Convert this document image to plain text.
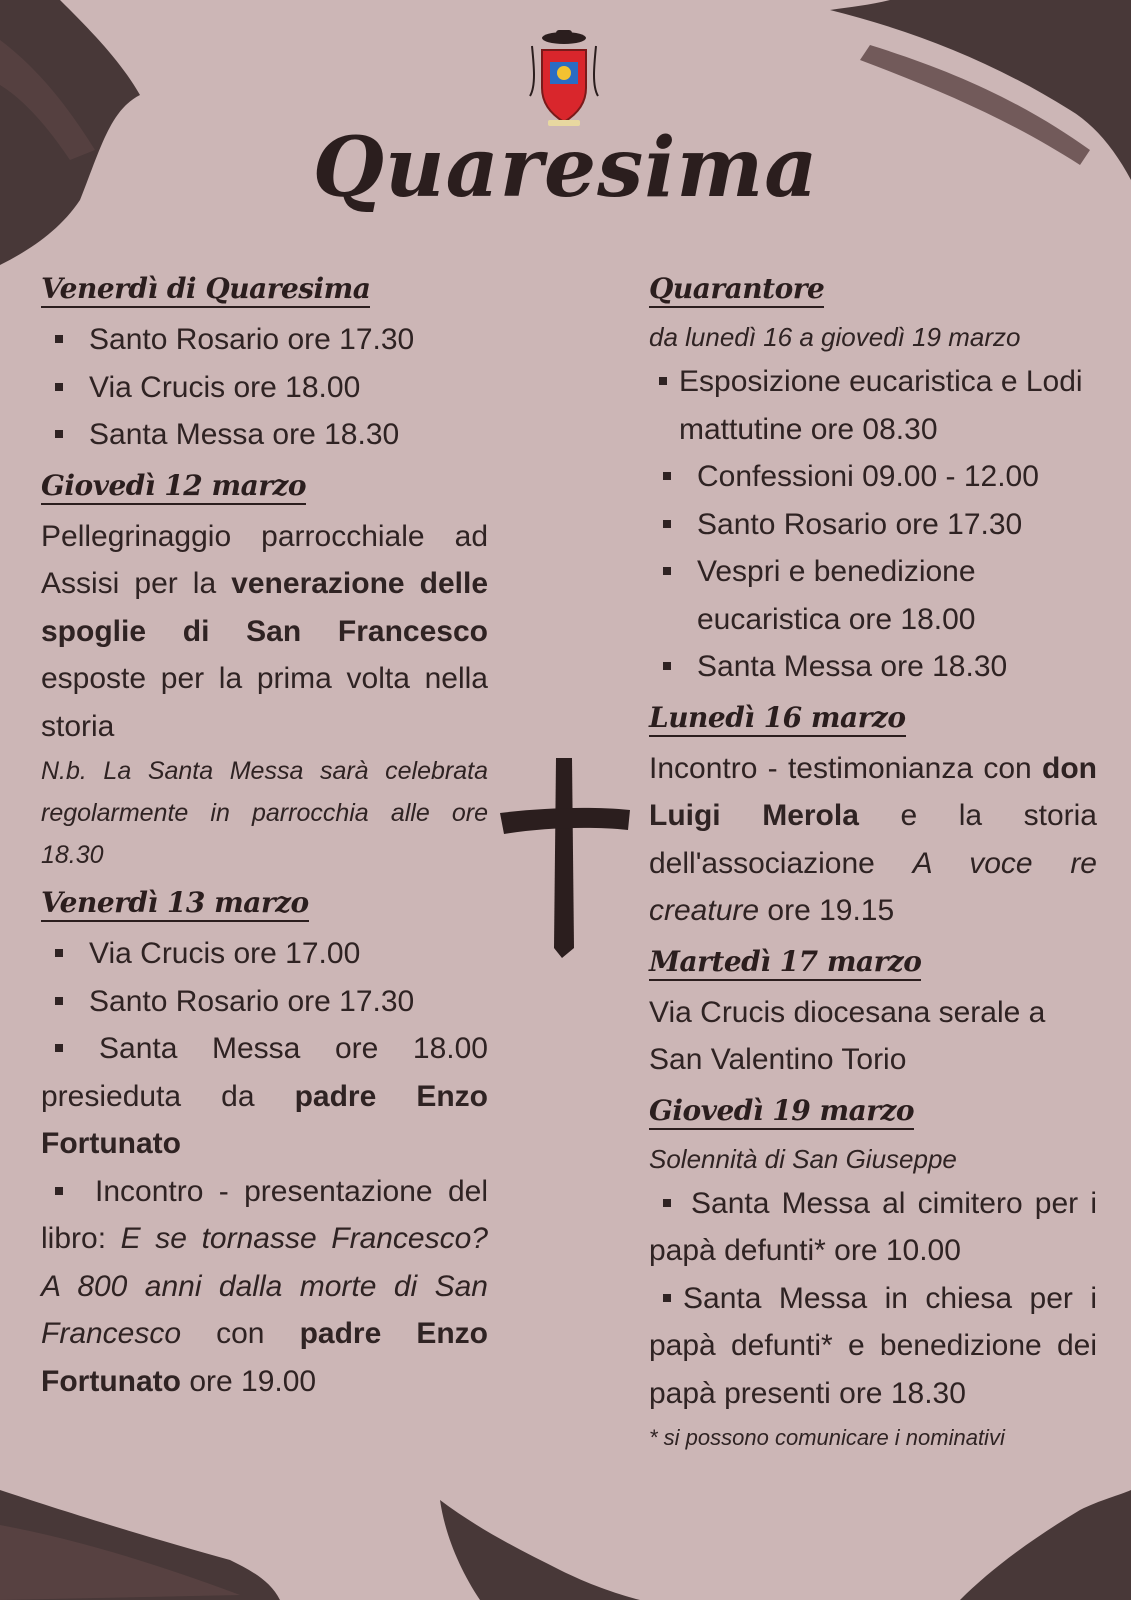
Quaresima
Venerdì di Quaresima
Santo Rosario ore 17.30
Via Crucis ore 18.00
Santa Messa ore 18.30
Giovedì 12 marzo

Pellegrinaggio parrocchiale ad Assisi per la venerazione delle spoglie di San Francesco esposte per la prima volta nella storia

N.b. La Santa Messa sarà celebrata regolarmente in parrocchia alle ore 18.30

Venerdì 13 marzo
Via Crucis ore 17.00
Santo Rosario ore 17.30

Santa Messa ore 18.00 presieduta da padre Enzo Fortunato

Incontro - presentazione del libro: E se tornasse Francesco? A 800 anni dalla morte di San Francesco con padre Enzo Fortunato ore 19.00

Quarantore

da lunedì 16 a giovedì 19 marzo

Esposizione eucaristica e Lodi mattutine ore 08.30
Confessioni 09.00 - 12.00
Santo Rosario ore 17.30
Vespri e benedizione eucaristica ore 18.00
Santa Messa ore 18.30
Lunedì 16 marzo

Incontro - testimonianza con don Luigi Merola e la storia dell'associazione A voce re creature ore 19.15

Martedì 17 marzo

Via Crucis diocesana serale a San Valentino Torio

Giovedì 19 marzo

Solennità di San Giuseppe

Santa Messa al cimitero per i papà defunti* ore 10.00

Santa Messa in chiesa per i papà defunti* e benedizione dei papà presenti ore 18.30

* si possono comunicare i nominativi
